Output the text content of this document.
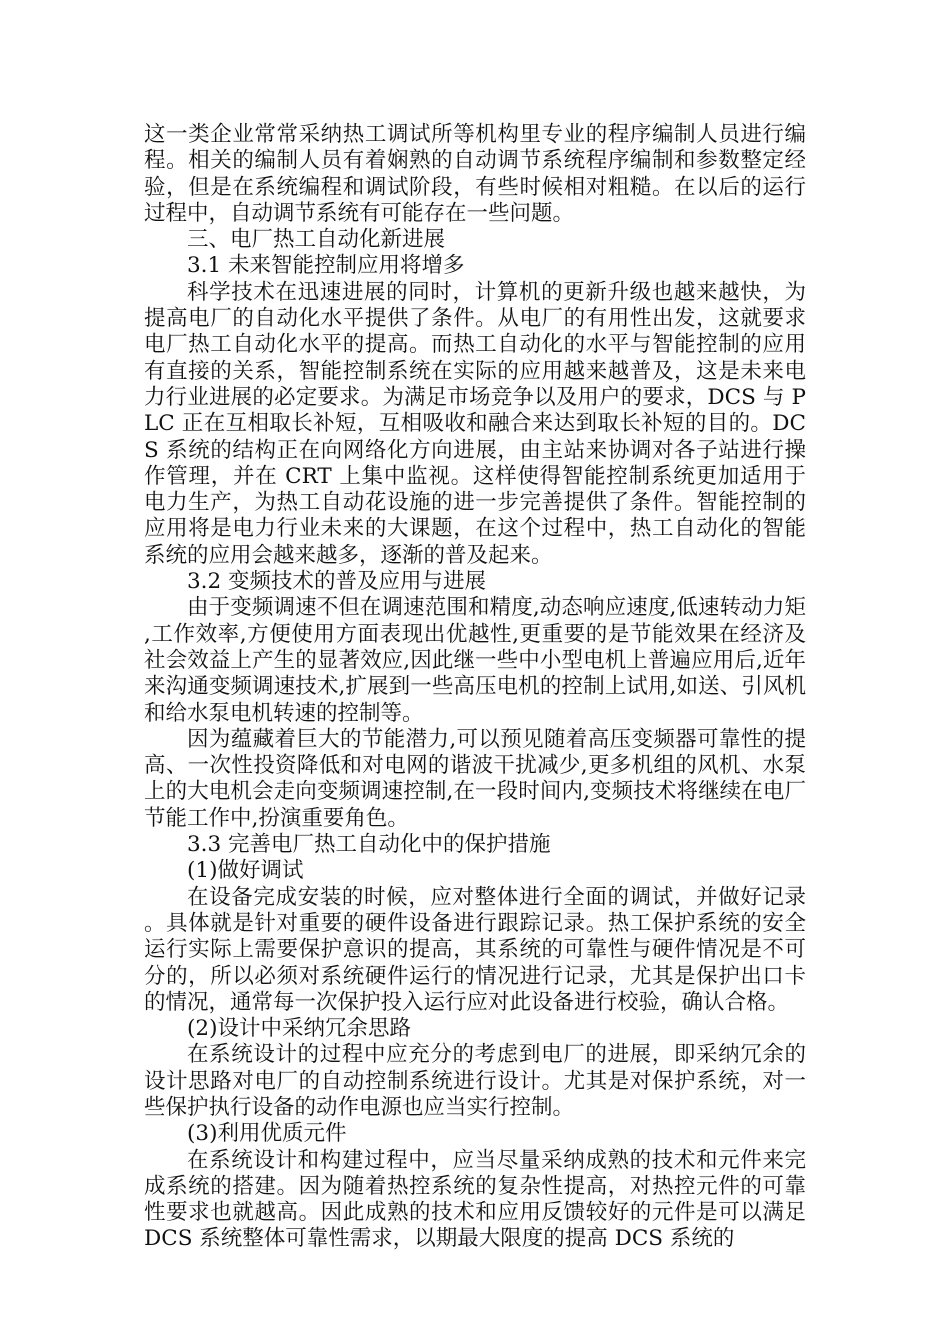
这一类企业常常采纳热工调试所等机构里专业的程序编制人员进行编程。相关的编制人员有着娴熟的自动调节系统程序编制和参数整定经验，但是在系统编程和调试阶段，有些时候相对粗糙。在以后的运行过程中，自动调节系统有可能存在一些问题。

三、电厂热工自动化新进展

3.1 未来智能控制应用将增多

科学技术在迅速进展的同时，计算机的更新升级也越来越快，为提高电厂的自动化水平提供了条件。从电厂的有用性出发，这就要求电厂热工自动化水平的提高。而热工自动化的水平与智能控制的应用有直接的关系，智能控制系统在实际的应用越来越普及，这是未来电力行业进展的必定要求。为满足市场竞争以及用户的要求，DCS 与 PLC 正在互相取长补短，互相吸收和融合来达到取长补短的目的。DCS 系统的结构正在向网络化方向进展，由主站来协调对各子站进行操作管理，并在 CRT 上集中监视。这样使得智能控制系统更加适用于电力生产，为热工自动花设施的进一步完善提供了条件。智能控制的应用将是电力行业未来的大课题，在这个过程中，热工自动化的智能系统的应用会越来越多，逐渐的普及起来。

3.2 变频技术的普及应用与进展

由于变频调速不但在调速范围和精度,动态响应速度,低速转动力矩,工作效率,方便使用方面表现出优越性,更重要的是节能效果在经济及社会效益上产生的显著效应,因此继一些中小型电机上普遍应用后,近年来沟通变频调速技术,扩展到一些高压电机的控制上试用,如送、引风机和给水泵电机转速的控制等。

因为蕴藏着巨大的节能潜力,可以预见随着高压变频器可靠性的提高、一次性投资降低和对电网的谐波干扰减少,更多机组的风机、水泵上的大电机会走向变频调速控制,在一段时间内,变频技术将继续在电厂节能工作中,扮演重要角色。

3.3 完善电厂热工自动化中的保护措施

(1)做好调试

在设备完成安装的时候，应对整体进行全面的调试，并做好记录。具体就是针对重要的硬件设备进行跟踪记录。热工保护系统的安全运行实际上需要保护意识的提高，其系统的可靠性与硬件情况是不可分的，所以必须对系统硬件运行的情况进行记录，尤其是保护出口卡的情况，通常每一次保护投入运行应对此设备进行校验，确认合格。

(2)设计中采纳冗余思路

在系统设计的过程中应充分的考虑到电厂的进展，即采纳冗余的设计思路对电厂的自动控制系统进行设计。尤其是对保护系统，对一些保护执行设备的动作电源也应当实行控制。

(3)利用优质元件

在系统设计和构建过程中，应当尽量采纳成熟的技术和元件来完成系统的搭建。因为随着热控系统的复杂性提高，对热控元件的可靠性要求也就越高。因此成熟的技术和应用反馈较好的元件是可以满足 DCS 系统整体可靠性需求，以期最大限度的提高 DCS 系统的
